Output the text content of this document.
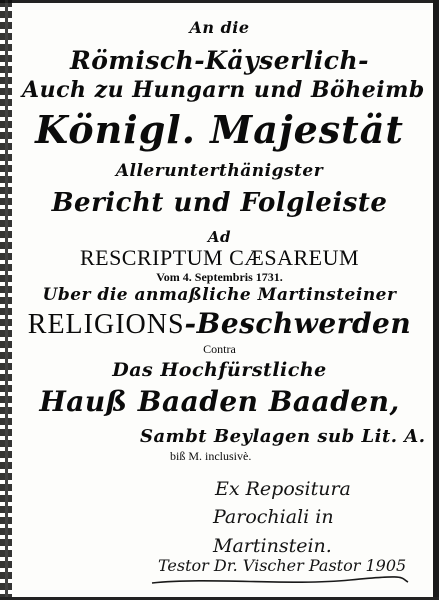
An die
Römisch-Käyserlich-
Auch zu Hungarn und Böheimb
Königl. Majestät
Allerunterthänigster
Bericht und Folgleiste
Ad
RESCRIPTUM CÆSAREUM
Vom 4. Septembris 1731.
Uber die anmaßliche Martinsteiner
RELIGIONS-Beschwerden
Contra
Das Hochfürstliche
Hauß Baaden Baaden,
Sambt Beylagen sub Lit. A.
biß M. inclusivè.
Ex Repositura
Parochiali in
Martinstein.
Testor Dr. Vischer Pastor 1905
